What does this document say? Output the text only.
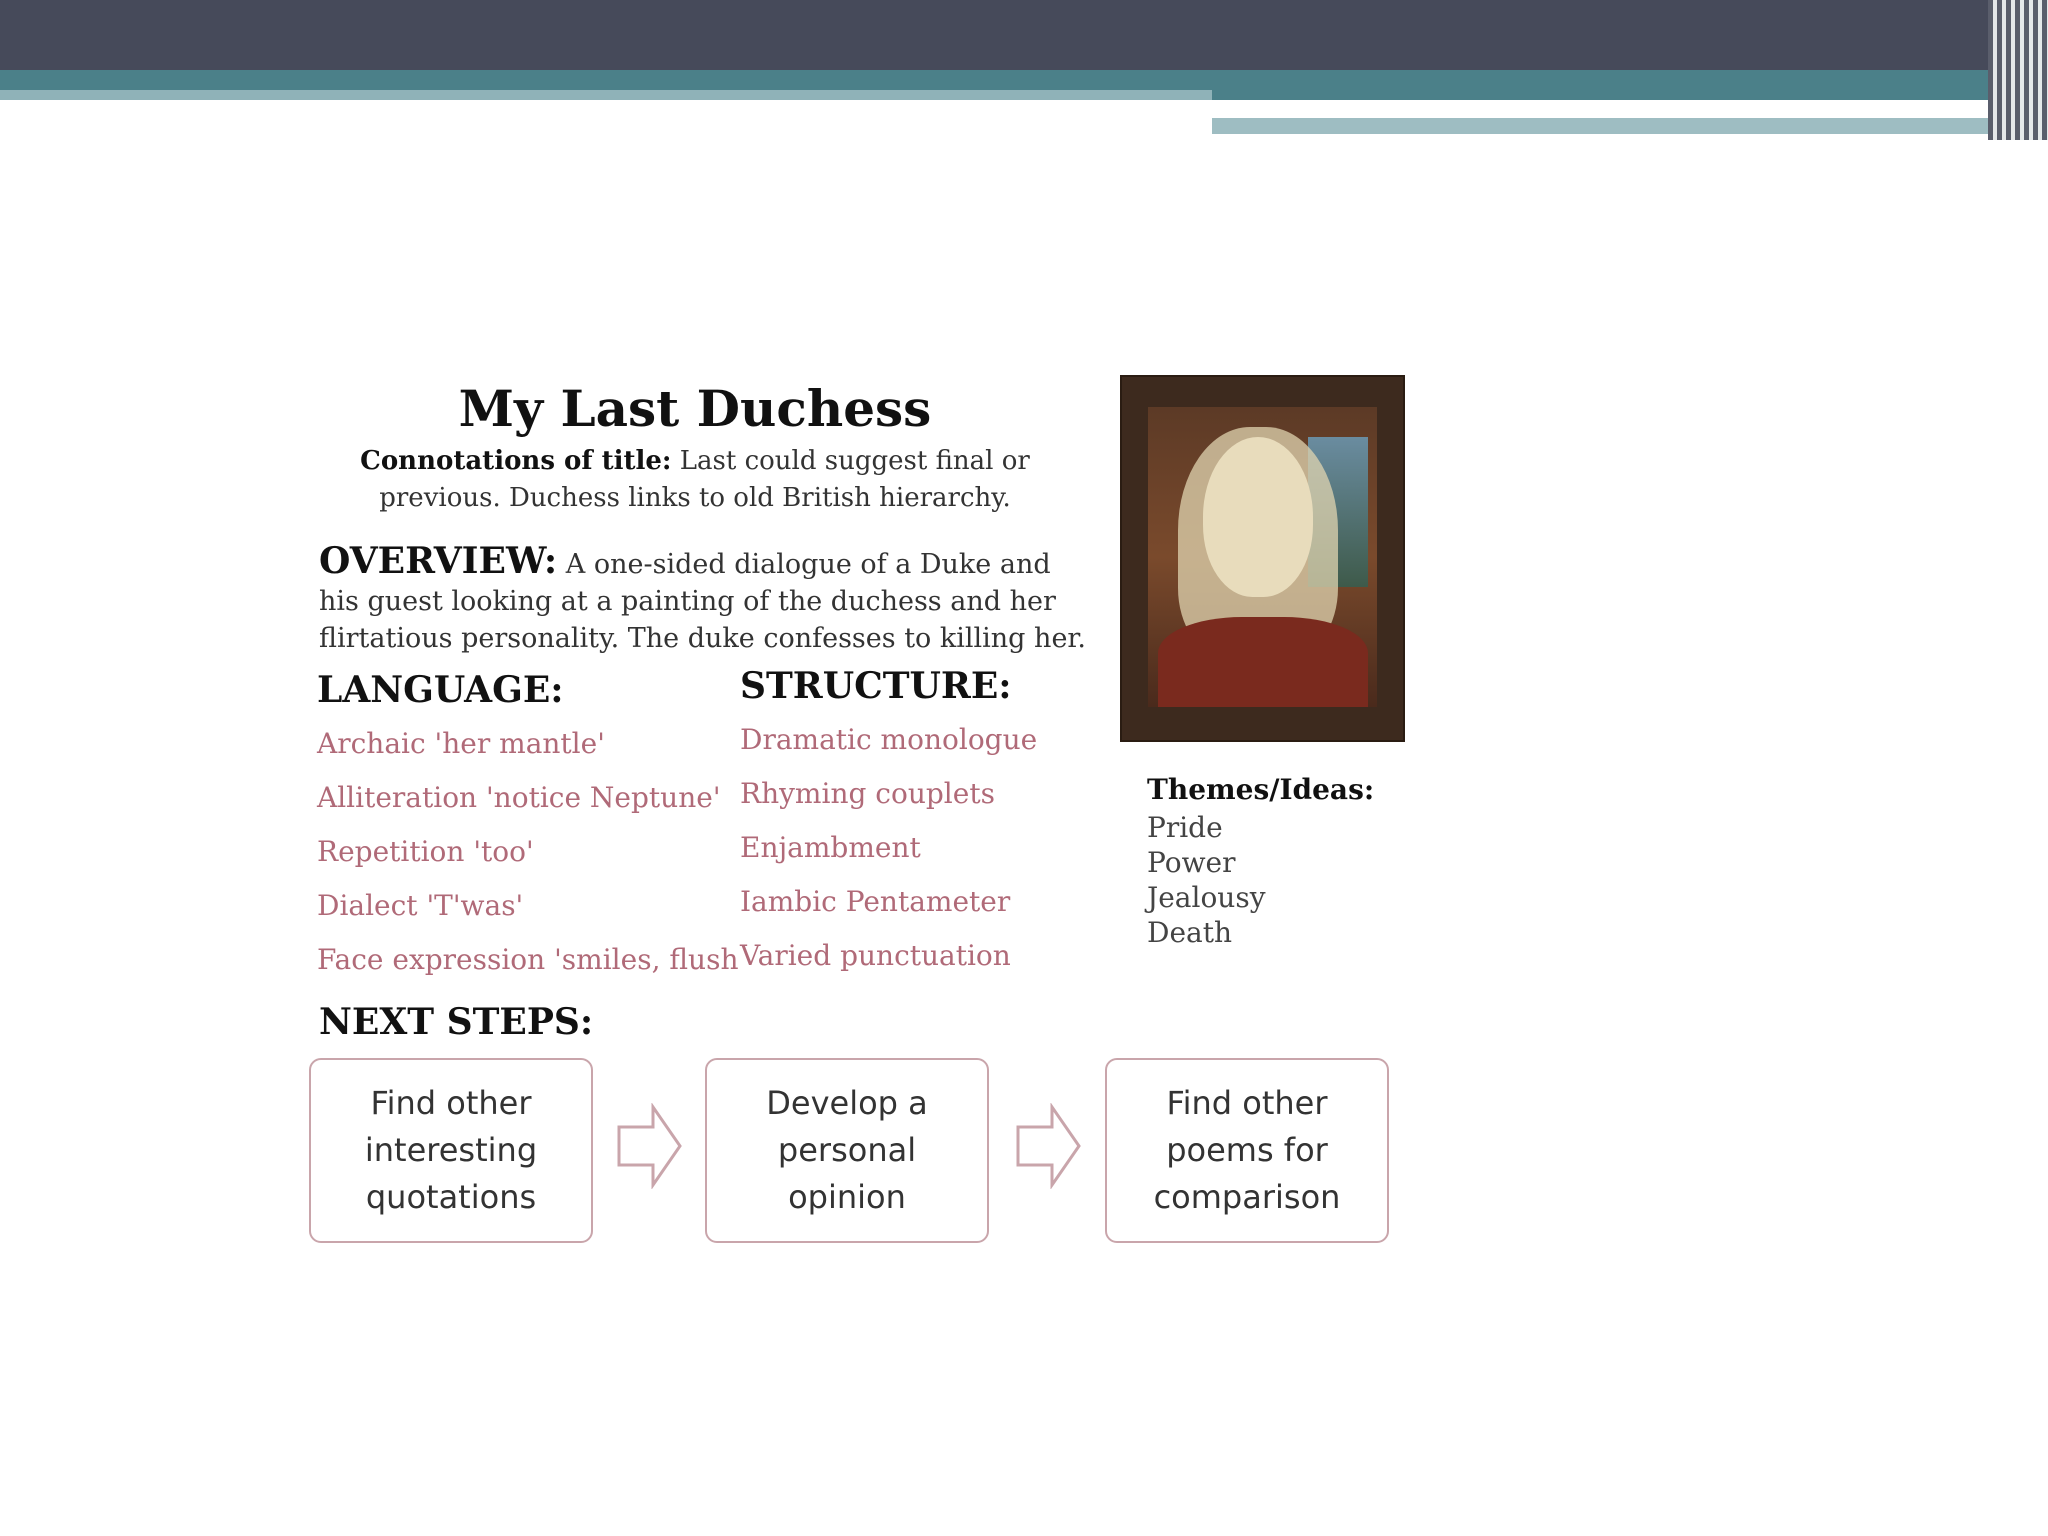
My Last Duchess
Connotations of title: Last could suggest final or previous. Duchess links to old British hierarchy.
OVERVIEW: A one-sided dialogue of a Duke and his guest looking at a painting of the duchess and her flirtatious personality. The duke confesses to killing her.
LANGUAGE:	STRUCTURE:
Archaic 'her mantle'
Alliteration 'notice Neptune'
Repetition 'too'
Dialect 'T'was'
Face expression 'smiles, flush
Dramatic monologue
Rhyming couplets
Enjambment
Iambic Pentameter
Varied punctuation
Themes/Ideas:
Pride
Power
Jealousy
Death
NEXT STEPS:
Find other interesting quotations
Develop a personal opinion
Find other poems for comparison
